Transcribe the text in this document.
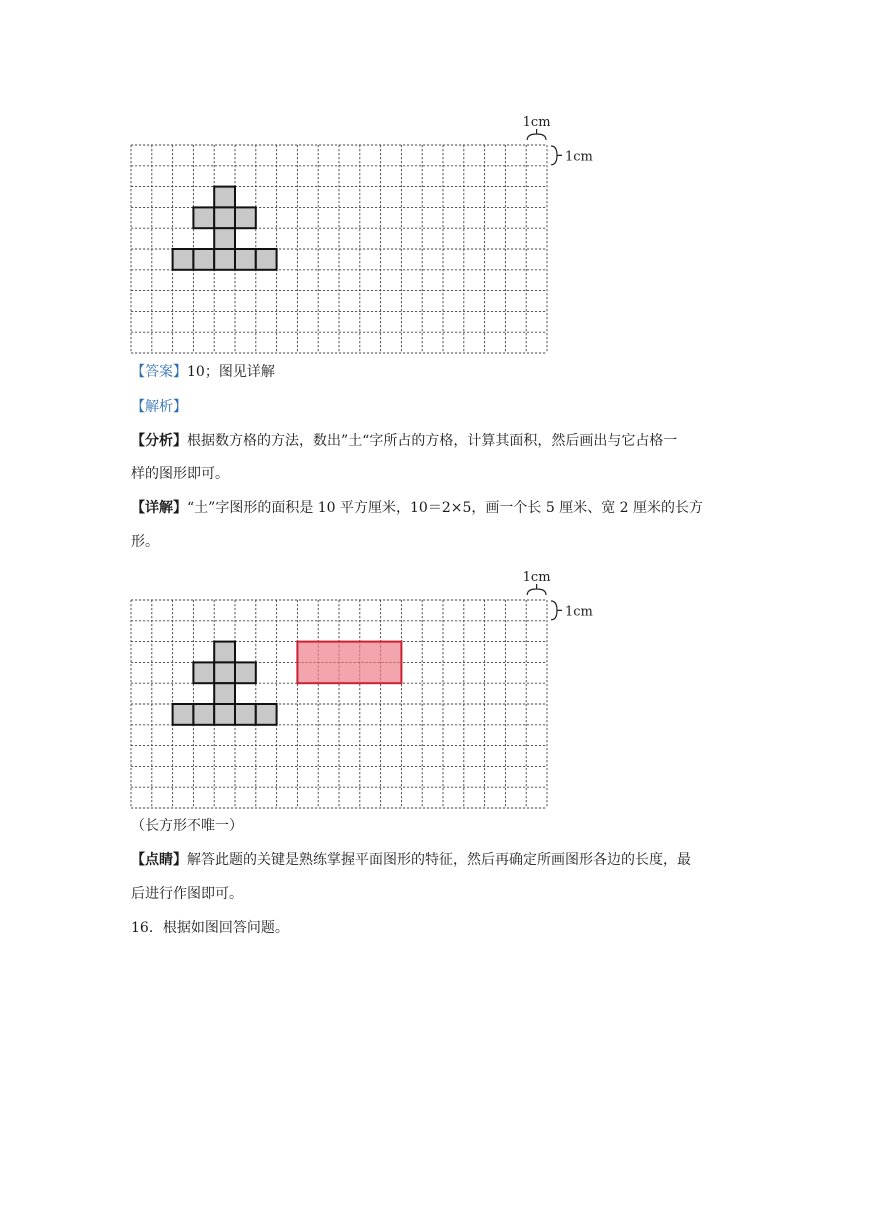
1cm
1cm
【答案】10；图见详解
【解析】
【分析】根据数方格的方法，数出”土“字所占的方格，计算其面积，然后画出与它占格一
样的图形即可。
【详解】“土”字图形的面积是 10 平方厘米，10＝2×5，画一个长 5 厘米、宽 2 厘米的长方
形。
1cm
1cm
（长方形不唯一）
【点睛】解答此题的关键是熟练掌握平面图形的特征，然后再确定所画图形各边的长度，最
后进行作图即可。
16．根据如图回答问题。
